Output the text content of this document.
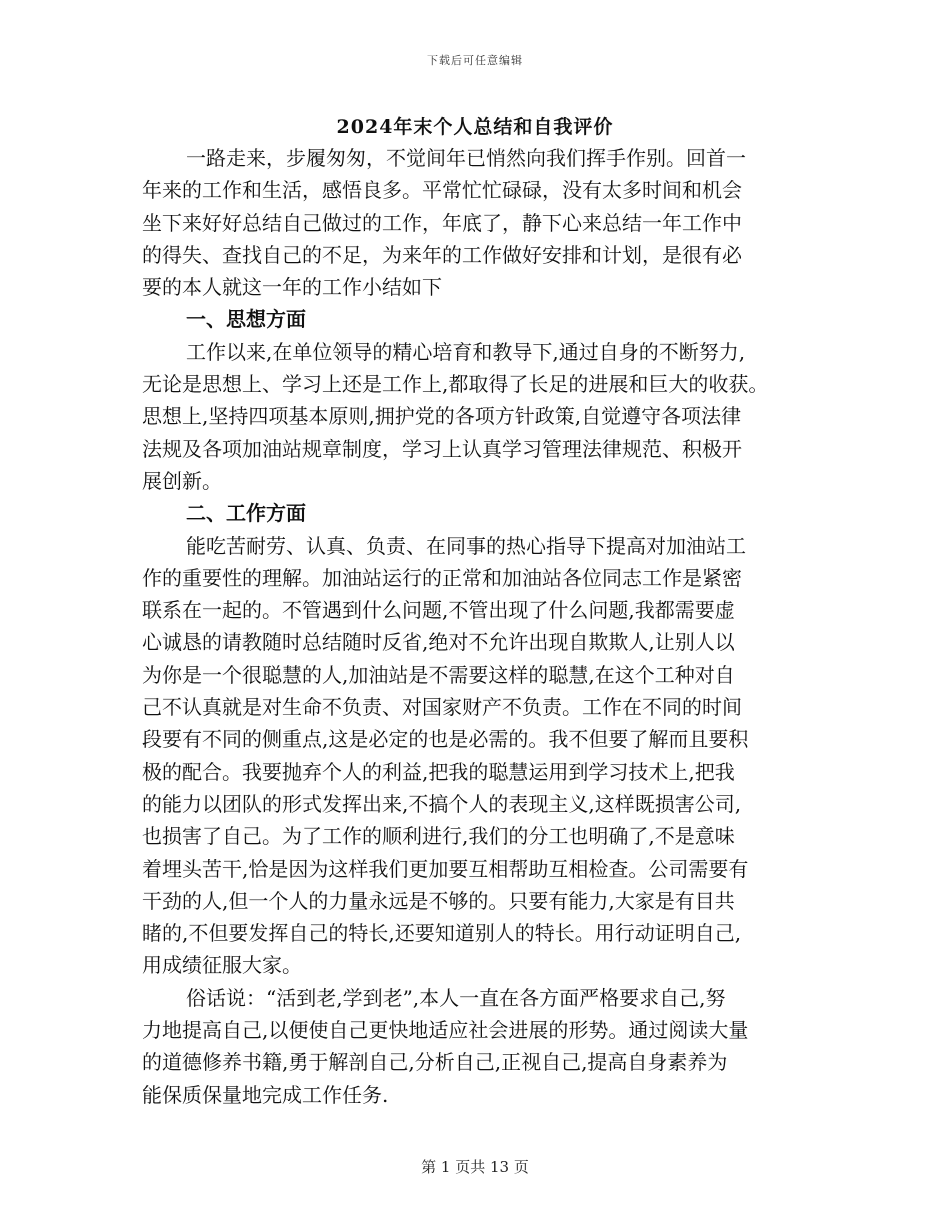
下载后可任意编辑
2024年末个人总结和自我评价
一路走来，步履匆匆，不觉间年已悄然向我们挥手作别。回首一
年来的工作和生活，感悟良多。平常忙忙碌碌，没有太多时间和机会
坐下来好好总结自己做过的工作，年底了，静下心来总结一年工作中
的得失、查找自己的不足，为来年的工作做好安排和计划，是很有必
要的本人就这一年的工作小结如下
一、思想方面
工作以来,在单位领导的精心培育和教导下,通过自身的不断努力,
无论是思想上、学习上还是工作上,都取得了长足的进展和巨大的收获。
思想上,坚持四项基本原则,拥护党的各项方针政策,自觉遵守各项法律
法规及各项加油站规章制度，学习上认真学习管理法律规范、积极开
展创新。
二、工作方面
能吃苦耐劳、认真、负责、在同事的热心指导下提高对加油站工
作的重要性的理解。加油站运行的正常和加油站各位同志工作是紧密
联系在一起的。不管遇到什么问题,不管出现了什么问题,我都需要虚
心诚恳的请教随时总结随时反省,绝对不允许出现自欺欺人,让别人以
为你是一个很聪慧的人,加油站是不需要这样的聪慧,在这个工种对自
己不认真就是对生命不负责、对国家财产不负责。工作在不同的时间
段要有不同的侧重点,这是必定的也是必需的。我不但要了解而且要积
极的配合。我要抛弃个人的利益,把我的聪慧运用到学习技术上,把我
的能力以团队的形式发挥出来,不搞个人的表现主义,这样既损害公司,
也损害了自己。为了工作的顺利进行,我们的分工也明确了,不是意味
着埋头苦干,恰是因为这样我们更加要互相帮助互相检查。公司需要有
干劲的人,但一个人的力量永远是不够的。只要有能力,大家是有目共
睹的,不但要发挥自己的特长,还要知道别人的特长。用行动证明自己,
用成绩征服大家。
俗话说：“活到老,学到老”,本人一直在各方面严格要求自己,努
力地提高自己,以便使自己更快地适应社会进展的形势。通过阅读大量
的道德修养书籍,勇于解剖自己,分析自己,正视自己,提高自身素养为
能保质保量地完成工作任务.
第 1 页共 13 页
